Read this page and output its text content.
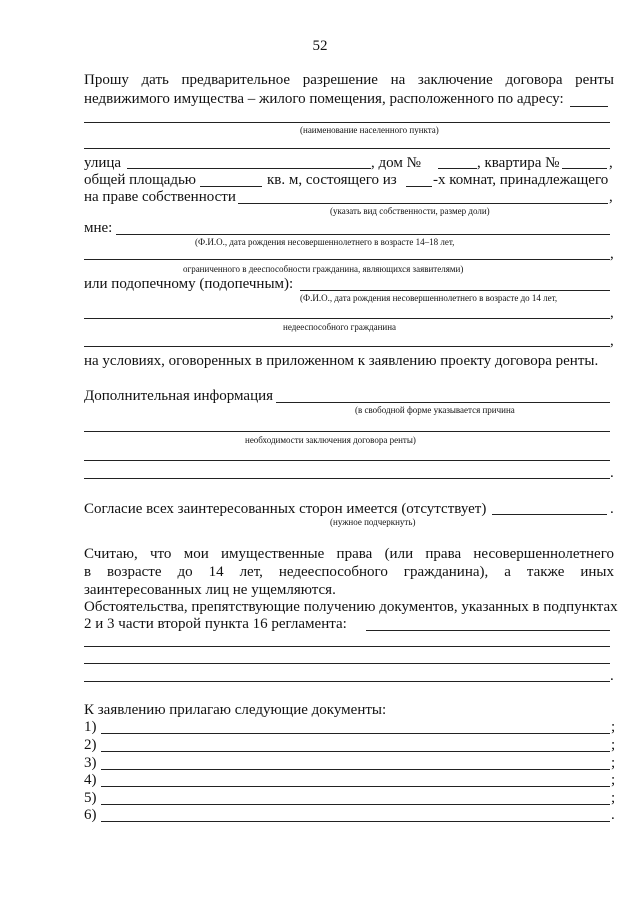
52
Прошу дать предварительное разрешение на заключение договора ренты
недвижимого имущества – жилого помещения, расположенного по адресу:
(наименование населенного пункта)
улица	, дом №	, квартира №	,
общей площадью	кв. м, состоящего из -х комнат, принадлежащего
на праве собственности	,
(указать вид собственности, размер доли)
мне:
(Ф.И.О., дата рождения несовершеннолетнего в возрасте 14–18 лет,
,
ограниченного в дееспособности гражданина, являющихся заявителями)
или подопечному (подопечным):
(Ф.И.О., дата рождения несовершеннолетнего в возрасте до 14 лет,
,
недееспособного гражданина
,
на условиях, оговоренных в приложенном к заявлению проекту договора ренты.
Дополнительная информация
(в свободной форме указывается причина
необходимости заключения договора ренты)
.
Согласие всех заинтересованных сторон имеется (отсутствует)	.
(нужное подчеркнуть)
Считаю, что мои имущественные права (или права несовершеннолетнего
в возрасте до 14 лет, недееспособного гражданина), а также иных
заинтересованных лиц не ущемляются.
Обстоятельства, препятствующие получению документов, указанных в подпунктах
2 и 3 части второй пункта 16 регламента:
.
К заявлению прилагаю следующие документы:
1)	;
2)	;
3)	;
4)	;
5)	;
6)	.
